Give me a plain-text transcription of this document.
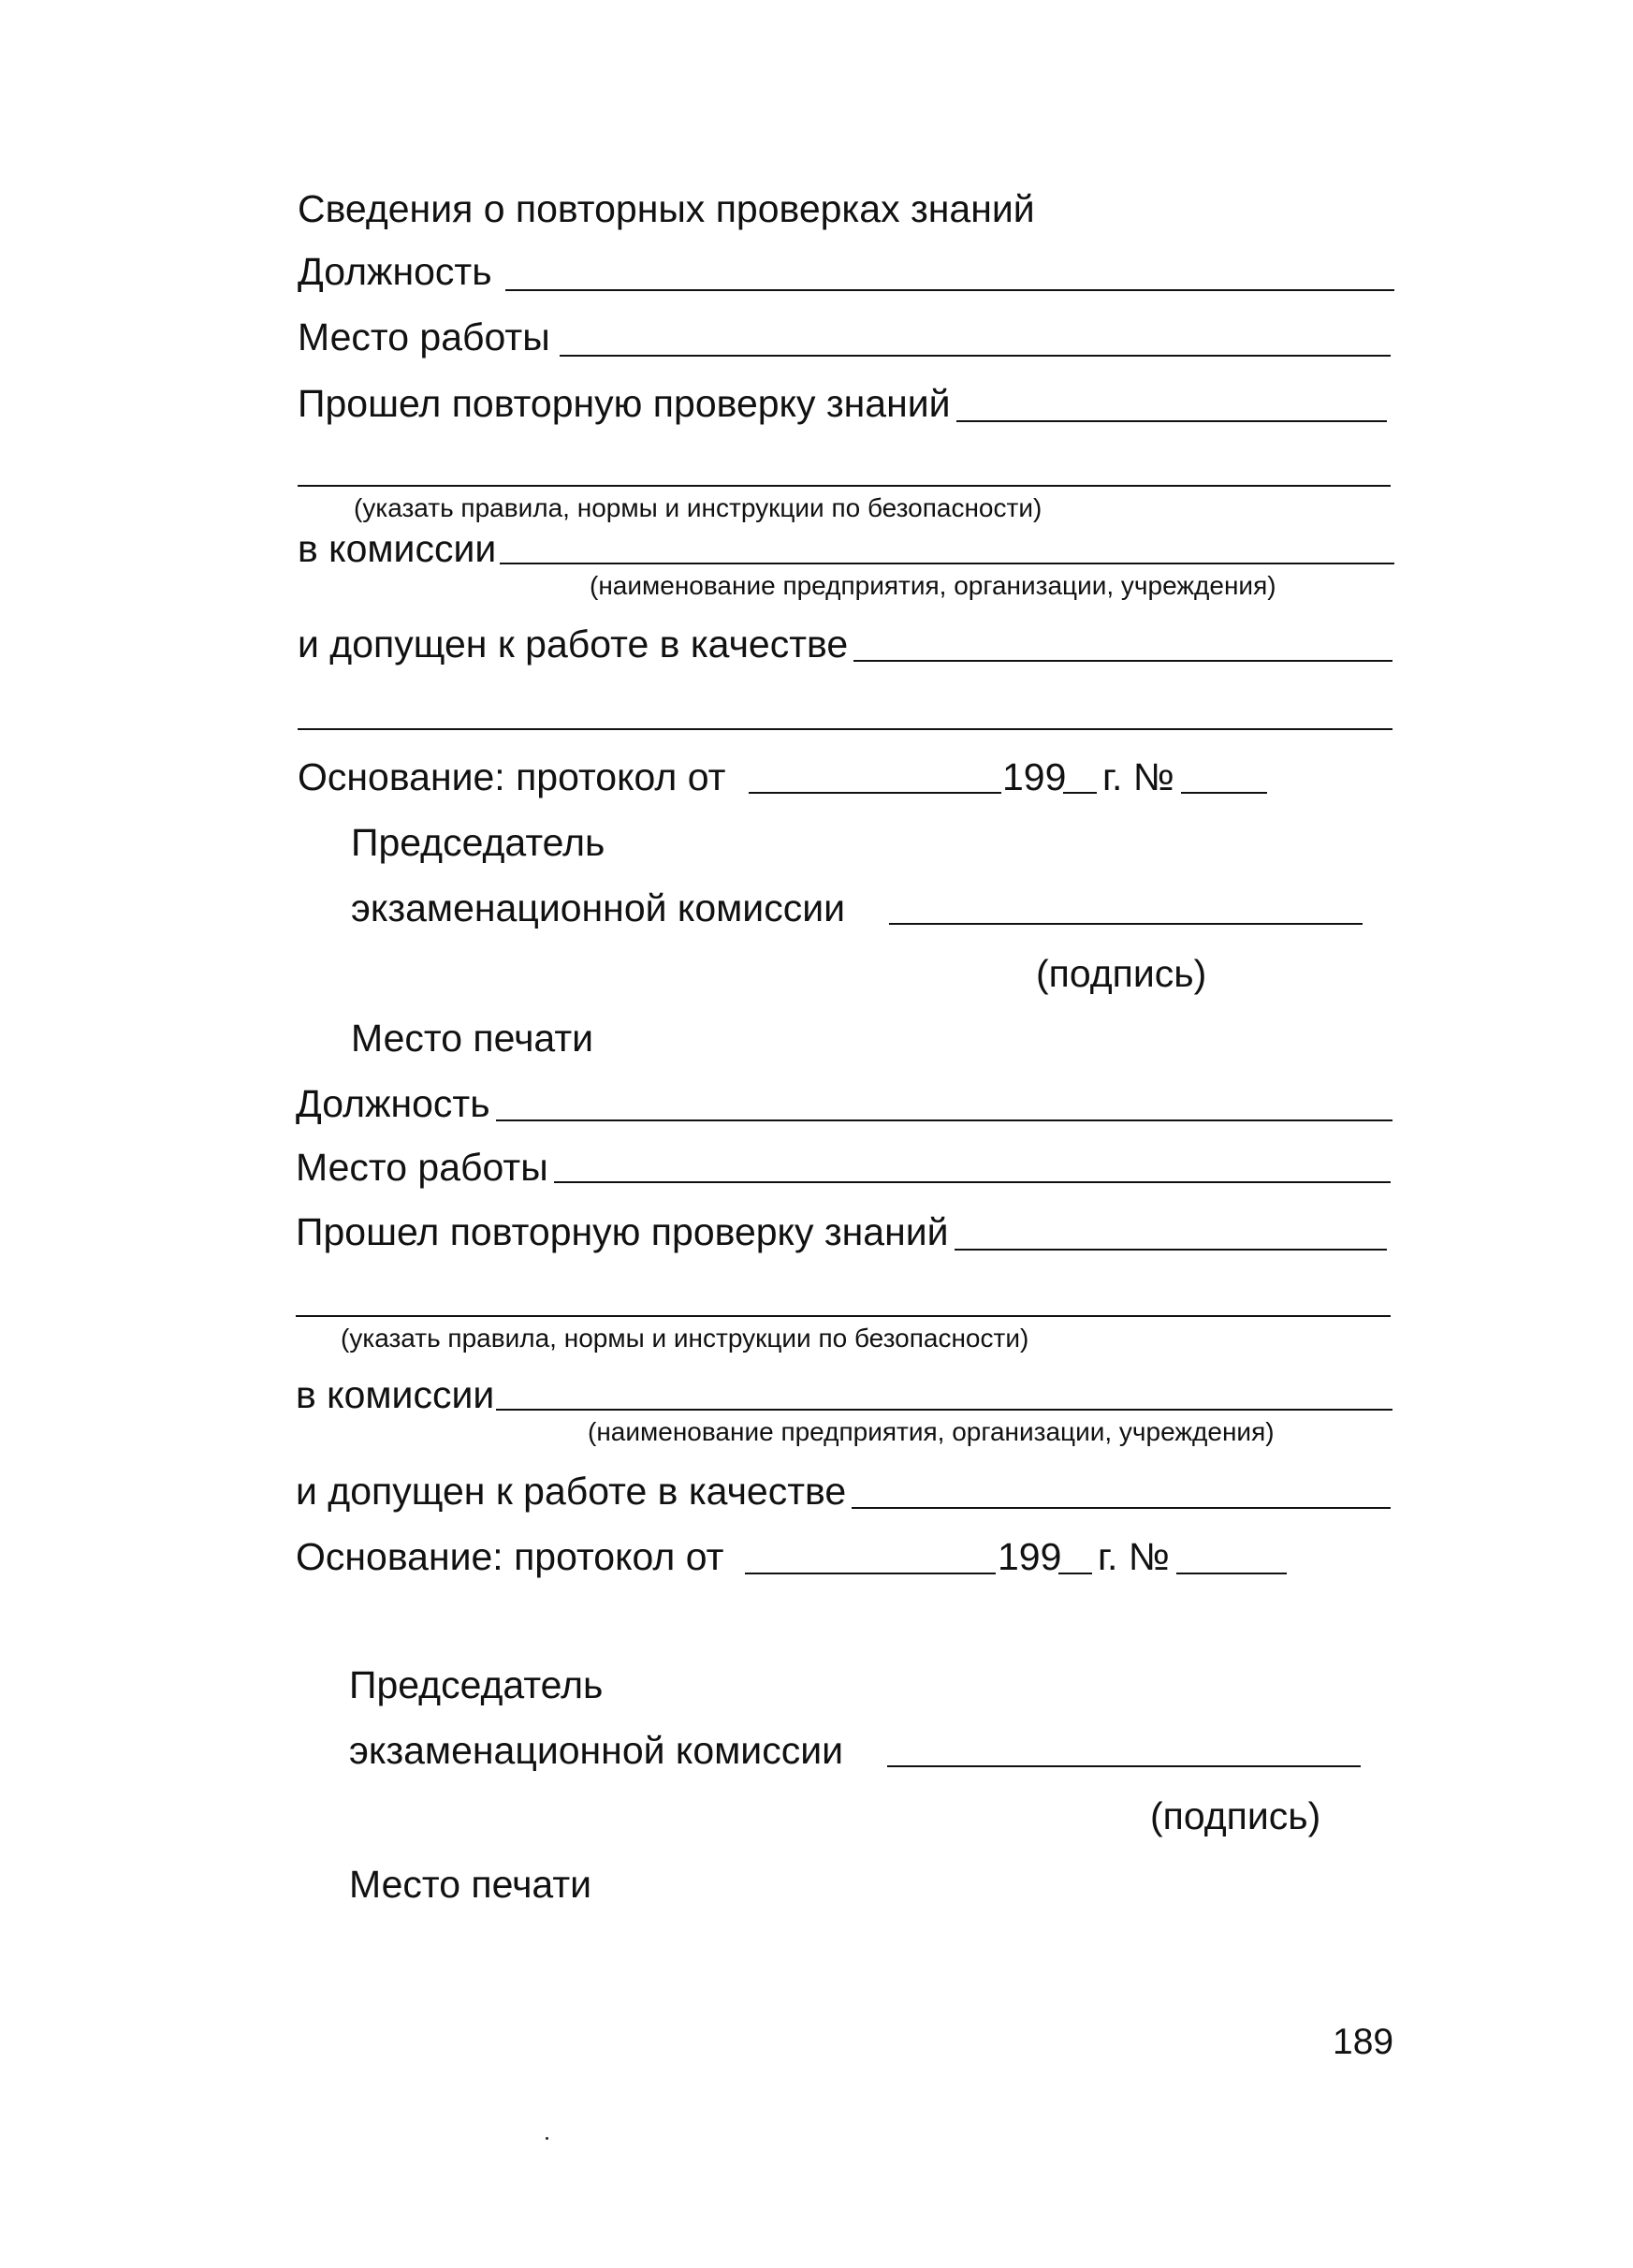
Сведения о повторных проверках знаний
Должность
Место работы
Прошел повторную проверку знаний
(указать правила, нормы и инструкции по безопасности)
в комиссии
(наименование предприятия, организации, учреждения)
и допущен к работе в качестве
Основание: протокол от	199 г. №
Председатель
экзаменационной комиссии
(подпись)
Место печати
Должность
Место работы
Прошел повторную проверку знаний
(указать правила, нормы и инструкции по безопасности)
в комиссии
(наименование предприятия, организации, учреждения)
и допущен к работе в качестве
Основание: протокол от	199 г. №
Председатель
экзаменационной комиссии
(подпись)
Место печати
189
